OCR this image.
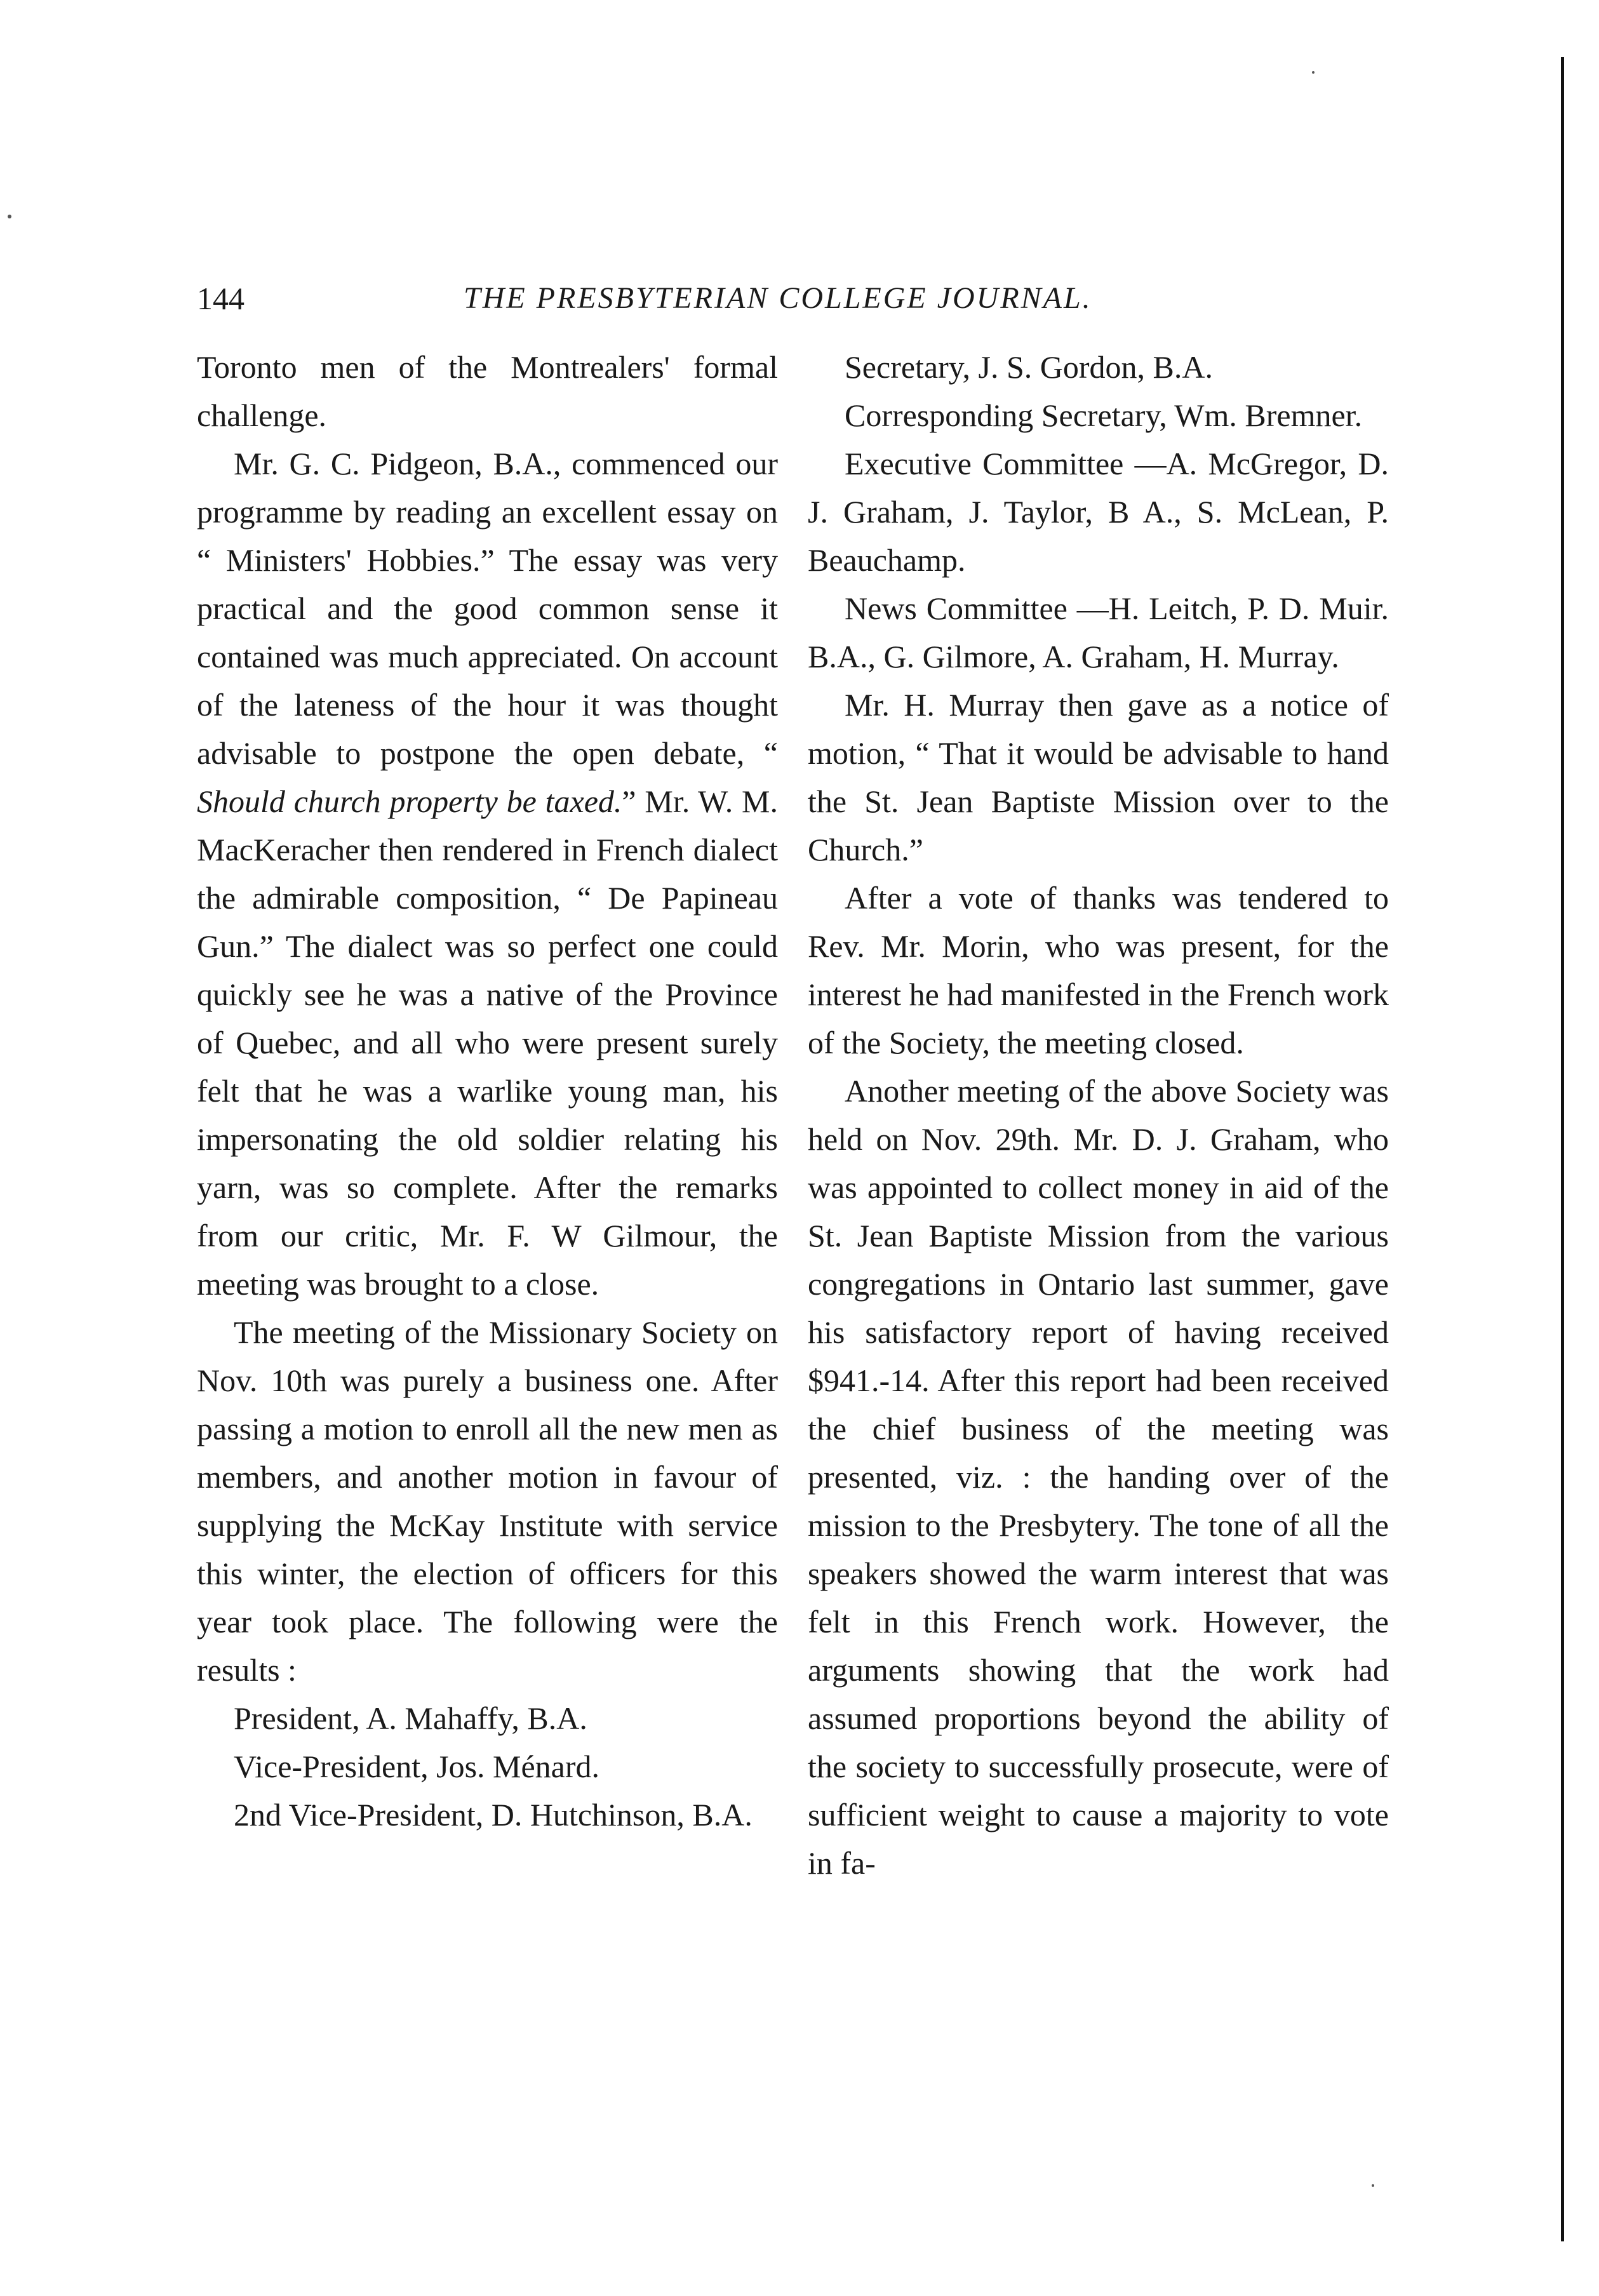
144	THE PRESBYTERIAN COLLEGE JOURNAL.

Toronto men of the Montrealers' formal challenge.

Mr. G. C. Pidgeon, B.A., commenced our programme by reading an excellent essay on “ Ministers' Hobbies.” The essay was very practical and the good common sense it contained was much appreciated. On account of the lateness of the hour it was thought advisable to postpone the open debate, “ Should church property be taxed.” Mr. W. M. MacKeracher then rendered in French dialect the admirable composition, “ De Papineau Gun.” The dialect was so perfect one could quickly see he was a native of the Province of Quebec, and all who were present surely felt that he was a warlike young man, his impersonating the old soldier relating his yarn, was so complete. After the remarks from our critic, Mr. F. W Gilmour, the meeting was brought to a close.

The meeting of the Missionary Society on Nov. 10th was purely a business one. After passing a motion to enroll all the new men as members, and another motion in favour of supplying the McKay Institute with service this winter, the election of officers for this year took place. The following were the results :

President, A. Mahaffy, B.A.

Vice-President, Jos. Ménard.

2nd Vice-President, D. Hutchinson, B.A.

Secretary, J. S. Gordon, B.A.

Corresponding Secretary, Wm. Bremner.

Executive Committee —A. McGregor, D. J. Graham, J. Taylor, B A., S. McLean, P. Beauchamp.

News Committee —H. Leitch, P. D. Muir. B.A., G. Gilmore, A. Graham, H. Murray.

Mr. H. Murray then gave as a notice of motion, “ That it would be advisable to hand the St. Jean Baptiste Mission over to the Church.”

After a vote of thanks was tendered to Rev. Mr. Morin, who was present, for the interest he had manifested in the French work of the Society, the meeting closed.

Another meeting of the above Society was held on Nov. 29th. Mr. D. J. Graham, who was appointed to collect money in aid of the St. Jean Baptiste Mission from the various congregations in Ontario last summer, gave his satisfactory report of having received $941.-14. After this report had been received the chief business of the meeting was presented, viz. : the handing over of the mission to the Presbytery. The tone of all the speakers showed the warm interest that was felt in this French work. However, the arguments showing that the work had assumed proportions beyond the ability of the society to successfully prosecute, were of sufficient weight to cause a majority to vote in fa-
